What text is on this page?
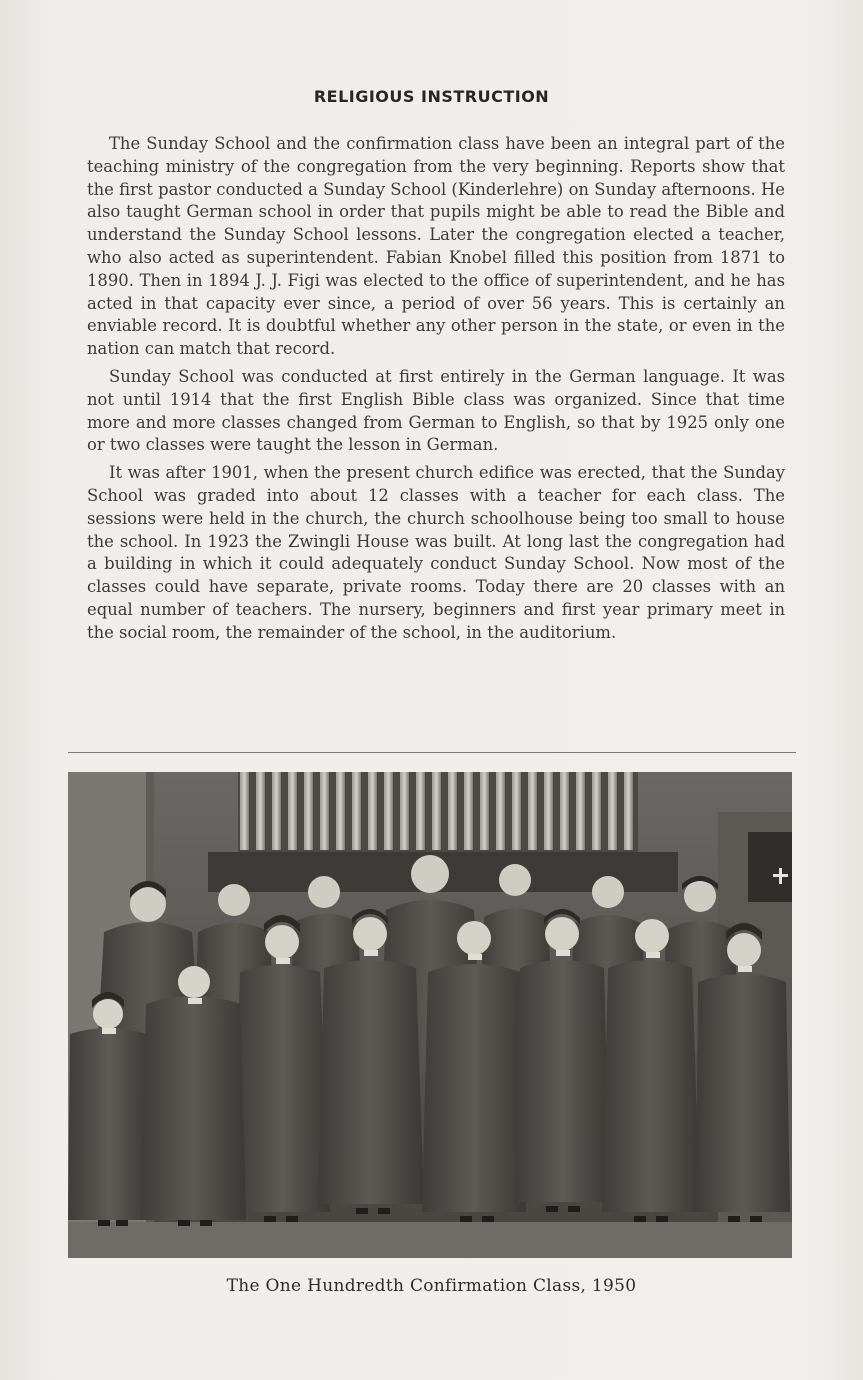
RELIGIOUS INSTRUCTION

The Sunday School and the confirmation class have been an integral part of the teaching ministry of the congregation from the very beginning. Reports show that the first pastor conducted a Sunday School (Kinderlehre) on Sunday afternoons. He also taught German school in order that pupils might be able to read the Bible and understand the Sunday School lessons. Later the congregation elected a teacher, who also acted as superintendent. Fabian Knobel filled this position from 1871 to 1890. Then in 1894 J. J. Figi was elected to the office of superintendent, and he has acted in that capacity ever since, a period of over 56 years. This is certainly an enviable record. It is doubtful whether any other person in the state, or even in the nation can match that record.

Sunday School was conducted at first entirely in the German language. It was not until 1914 that the first English Bible class was organized. Since that time more and more classes changed from German to English, so that by 1925 only one or two classes were taught the lesson in German.

It was after 1901, when the present church edifice was erected, that the Sunday School was graded into about 12 classes with a teacher for each class. The sessions were held in the church, the church schoolhouse being too small to house the school. In 1923 the Zwingli House was built. At long last the congregation had a building in which it could adequately conduct Sunday School. Now most of the classes could have separate, private rooms. Today there are 20 classes with an equal number of teachers. The nursery, beginners and first year primary meet in the social room, the remainder of the school, in the auditorium.

The One Hundredth Confirmation Class, 1950
